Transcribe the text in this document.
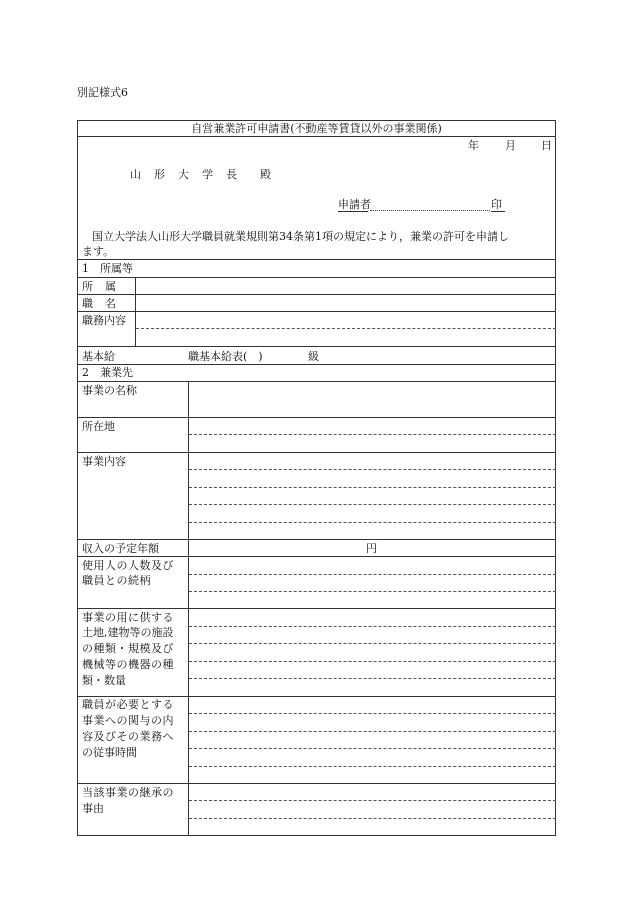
別記様式6
自営兼業許可申請書(不動産等賃貸以外の事業関係)
年 月 日
山 形 大 学 長 殿
申請者	印
国立大学法人山形大学職員就業規則第34条第1項の規定により，兼業の許可を申請し
ます。
1　所属等
所　属
職　名
職務内容
基本給	職基本給表(　)	級
2　兼業先
事業の名称
所在地
事業内容
収入の予定年額	円
使用人の人数及び
職員との続柄
事業の用に供する
土地,建物等の施設
の種類・規模及び
機械等の機器の種
類・数量
職員が必要とする
事業への関与の内
容及びその業務へ
の従事時間
当該事業の継承の
事由
